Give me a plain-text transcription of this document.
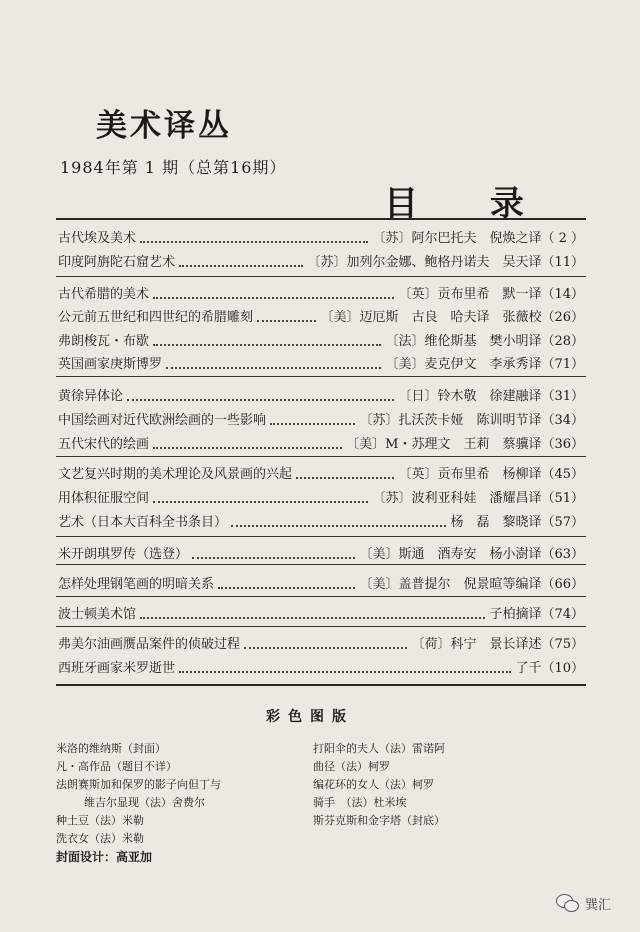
美术译丛
1984年第 1 期（总第16期）
目 录
古代埃及美术	〔苏〕阿尔巴托夫　倪焕之译（ 2 ）
印度阿旃陀石窟艺术	〔苏〕加列尔金娜、鲍格丹诺夫　吴天译（11）
古代希腊的美术	〔英〕贡布里希　默一译（14）
公元前五世纪和四世纪的希腊雕刻	〔美〕迈厄斯　古良　哈夫译　张薇校（26）
弗朗梭瓦・布歇	〔法〕维伦斯基　樊小明译（28）
英国画家庚斯博罗	〔美〕麦克伊文　李承秀译（71）
黄徐异体论	〔日〕铃木敬　徐建融译（31）
中国绘画对近代欧洲绘画的一些影响	〔苏〕扎沃茨卡娅　陈训明节译（34）
五代宋代的绘画	〔美〕M・苏理文　王莉　蔡骥译（36）
文艺复兴时期的美术理论及风景画的兴起	〔英〕贡布里希　杨柳译（45）
用体积征服空间	〔苏〕波利亚科娃　潘耀昌译（51）
艺术（日本大百科全书条目）	杨　磊　黎晓译（57）
米开朗琪罗传（选登）	〔美〕斯通　酒寿安　杨小澍译（63）
怎样处理钢笔画的明暗关系	〔美〕盖普提尔　倪景暄等编译（66）
波士顿美术馆	子柏摘译（74）
弗美尔油画赝品案件的侦破过程	〔荷〕科宁　景长译述（75）
西班牙画家米罗逝世	了千（10）
彩色图版
米洛的维纳斯（封面）
凡・高作品（题目不详）
法朗赛斯加和保罗的影子向但丁与
维吉尔显现（法）舍费尔
种土豆（法）米勒
洗衣女（法）米勒
打阳伞的夫人（法）雷诺阿
曲径（法）柯罗
编花环的女人（法）柯罗
骑手　（法）杜米埃
斯芬克斯和金字塔（封底）
封面设计：高亚加
巽汇
